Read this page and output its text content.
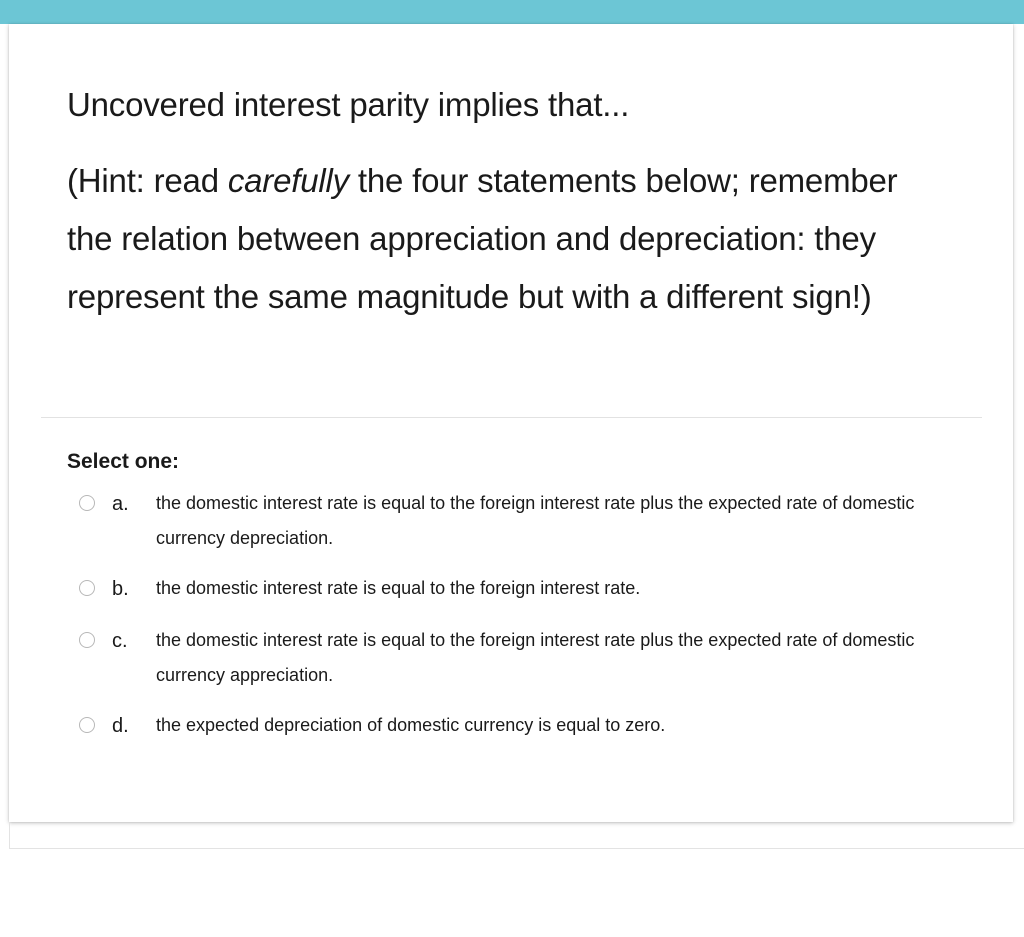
Uncovered interest parity implies that...

(Hint: read carefully the four statements below; remember the relation between appreciation and depreciation: they represent the same magnitude but with a different sign!)

Select one:
a.	the domestic interest rate is equal to the foreign interest rate plus the expected rate of domestic currency depreciation.
b.	the domestic interest rate is equal to the foreign interest rate.
c.	the domestic interest rate is equal to the foreign interest rate plus the expected rate of domestic currency appreciation.
d.	the expected depreciation of domestic currency is equal to zero.
